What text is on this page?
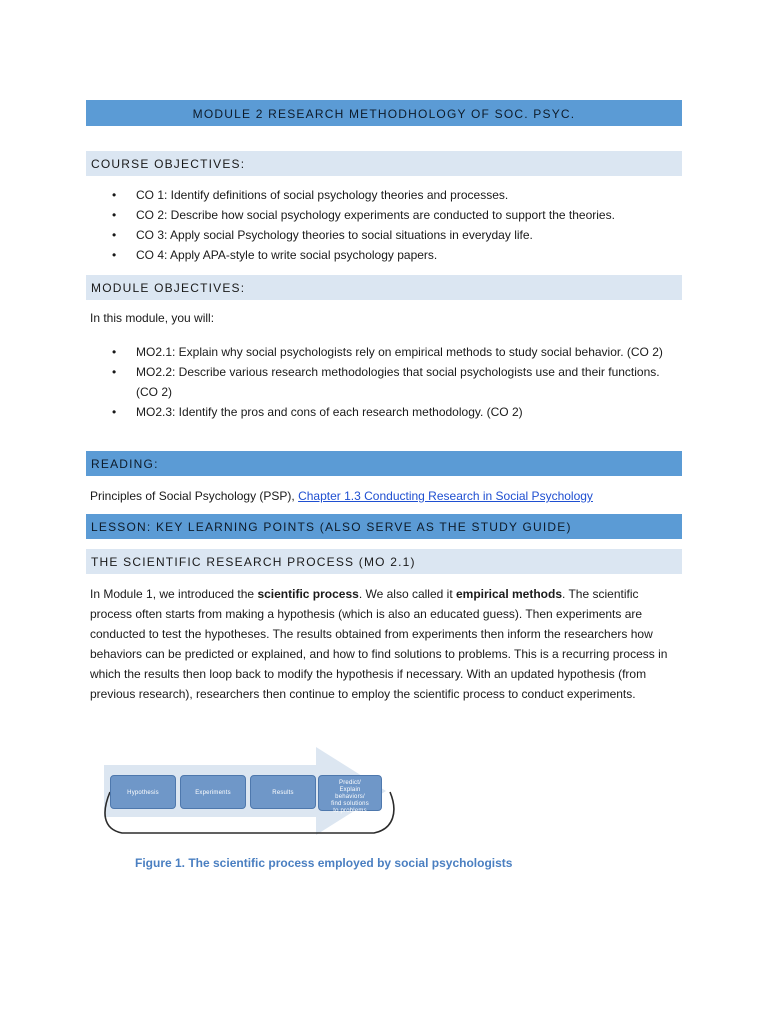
MODULE 2 RESEARCH METHODHOLOGY OF SOC. PSYC.
COURSE OBJECTIVES:
• CO 1: Identify definitions of social psychology theories and processes.
• CO 2: Describe how social psychology experiments are conducted to support the theories.
• CO 3: Apply social Psychology theories to social situations in everyday life.
• CO 4: Apply APA-style to write social psychology papers.
MODULE OBJECTIVES:

In this module, you will:

• MO2.1: Explain why social psychologists rely on empirical methods to study social behavior. (CO 2)
• MO2.2: Describe various research methodologies that social psychologists use and their functions. (CO 2)
• MO2.3: Identify the pros and cons of each research methodology. (CO 2)
READING:

Principles of Social Psychology (PSP), Chapter 1.3 Conducting Research in Social Psychology

LESSON: KEY LEARNING POINTS (ALSO SERVE AS THE STUDY GUIDE)
THE SCIENTIFIC RESEARCH PROCESS (MO 2.1)

In Module 1, we introduced the scientific process. We also called it empirical methods. The scientific process often starts from making a hypothesis (which is also an educated guess). Then experiments are conducted to test the hypotheses. The results obtained from experiments then inform the researchers how behaviors can be predicted or explained, and how to find solutions to problems. This is a recurring process in which the results then loop back to modify the hypothesis if necessary. With an updated hypothesis (from previous research), researchers then continue to employ the scientific process to conduct experiments.

Hypothesis	Experiments	Results
Predict/
Explain
behaviors/
find solutions
to problems
Figure 1. The scientific process employed by social psychologists
